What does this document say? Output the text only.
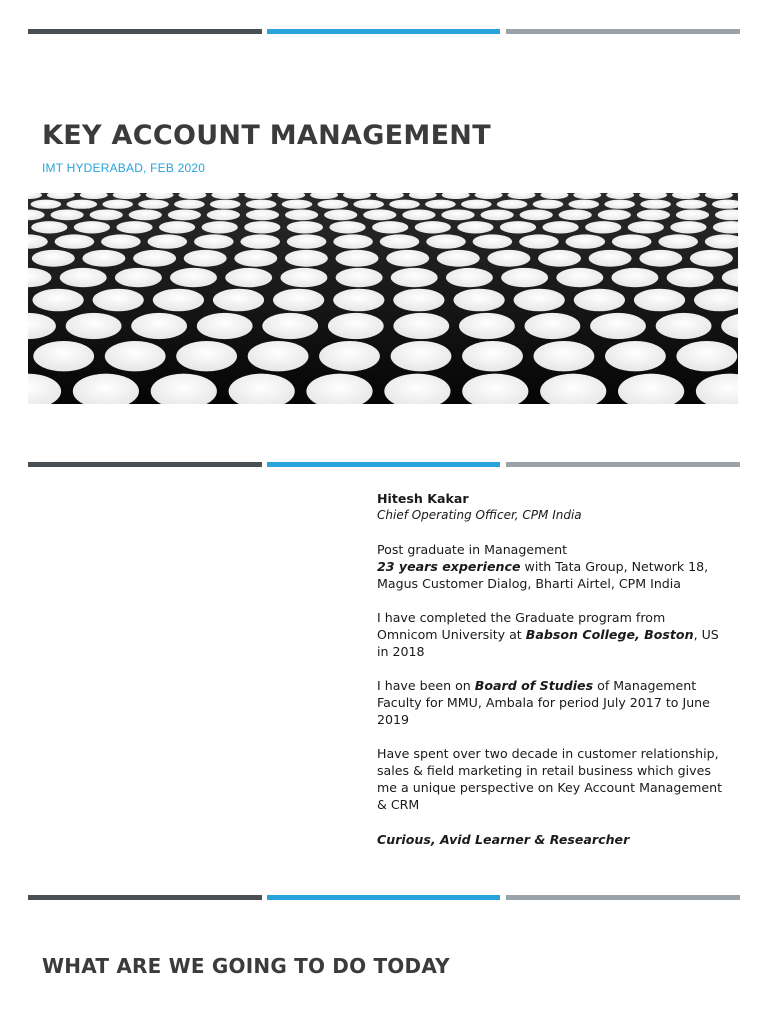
KEY ACCOUNT MANAGEMENT
IMT HYDERABAD, FEB 2020
Hitesh Kakar
Chief Operating Officer, CPM India

Post graduate in Management
23 years experience with Tata Group, Network 18, Magus Customer Dialog, Bharti Airtel, CPM India

I have completed the Graduate program from Omnicom University at Babson College, Boston, US in 2018

I have been on Board of Studies of Management Faculty for MMU, Ambala for period July 2017 to June 2019

Have spent over two decade in customer relationship, sales & field marketing in retail business which gives me a unique perspective on Key Account Management & CRM

Curious, Avid Learner & Researcher

WHAT ARE WE GOING TO DO TODAY
